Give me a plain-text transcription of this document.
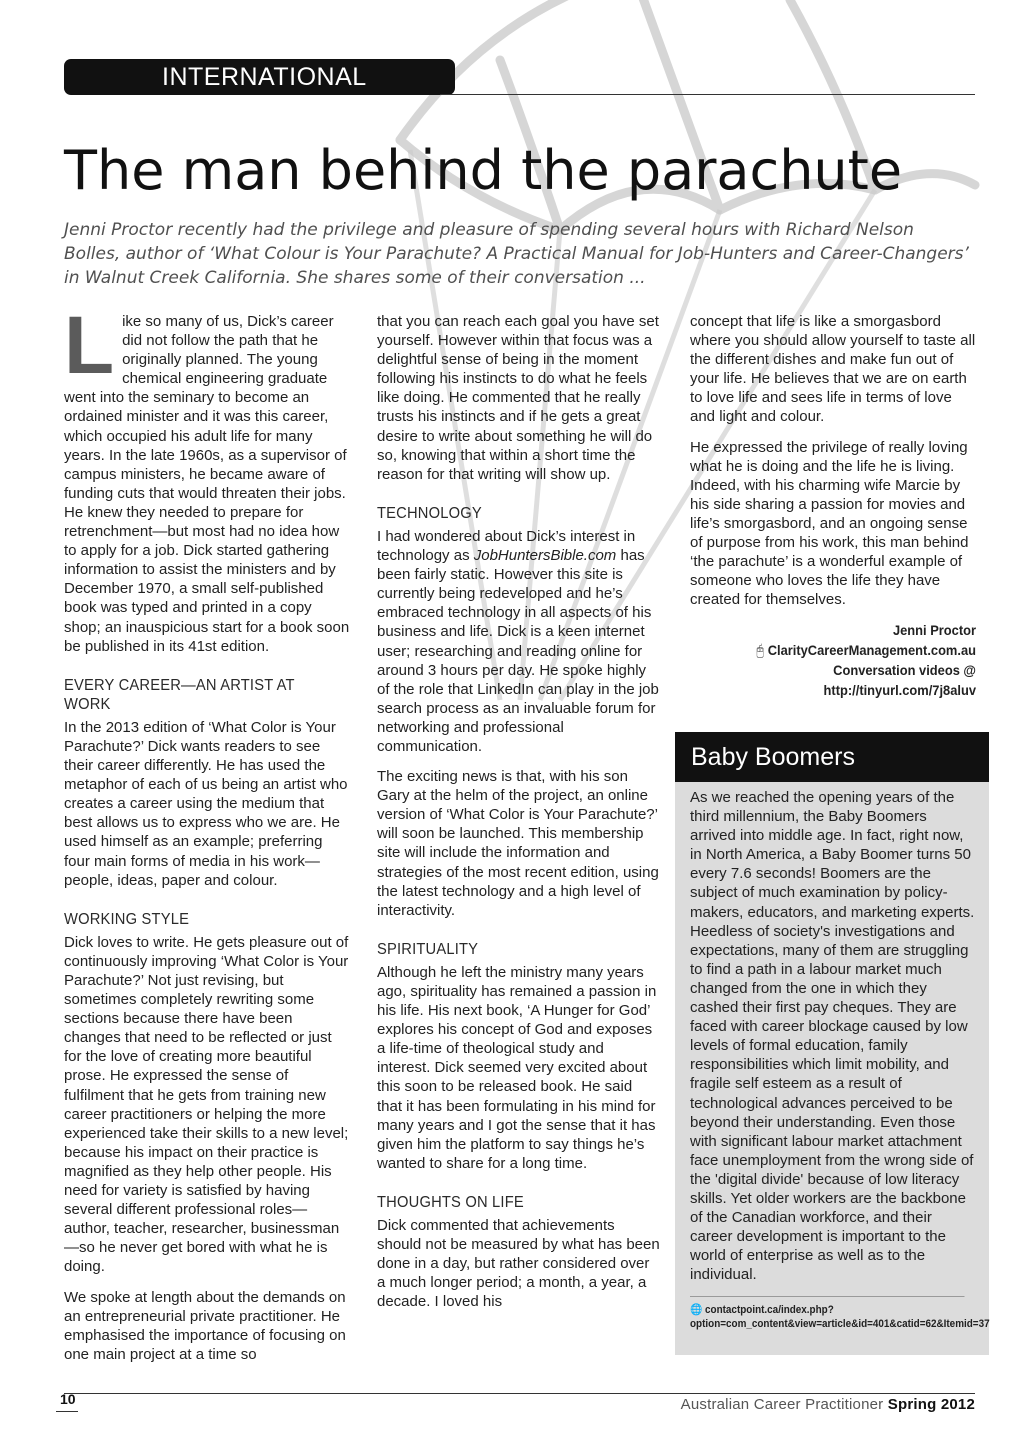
INTERNATIONAL
The man behind the parachute

Jenni Proctor recently had the privilege and pleasure of spending several hours with Richard Nelson Bolles, author of ‘What Colour is Your Parachute? A Practical Manual for Job-Hunters and Career-Changers’ in Walnut Creek California. She shares some of their conversation ...

Like so many of us, Dick’s career did not follow the path that he originally planned. The young chemical engineering graduate went into the seminary to become an ordained minister and it was this career, which occupied his adult life for many years. In the late 1960s, as a supervisor of campus ministers, he became aware of funding cuts that would threaten their jobs. He knew they needed to prepare for retrenchment—but most had no idea how to apply for a job. Dick started gathering information to assist the ministers and by December 1970, a small self-published book was typed and printed in a copy shop; an inauspicious start for a book soon be published in its 41st edition.

EVERY CAREER—AN ARTIST AT WORK

In the 2013 edition of ‘What Color is Your Parachute?’ Dick wants readers to see their career differently. He has used the metaphor of each of us being an artist who creates a career using the medium that best allows us to express who we are. He used himself as an example; preferring four main forms of media in his work—people, ideas, paper and colour.

WORKING STYLE

Dick loves to write. He gets pleasure out of continuously improving ‘What Color is Your Parachute?’ Not just revising, but sometimes completely rewriting some sections because there have been changes that need to be reflected or just for the love of creating more beautiful prose. He expressed the sense of fulfilment that he gets from training new career practitioners or helping the more experienced take their skills to a new level; because his impact on their practice is magnified as they help other people. His need for variety is satisfied by having several different professional roles—author, teacher, researcher, businessman—so he never get bored with what he is doing.

We spoke at length about the demands on an entrepreneurial private practitioner. He emphasised the importance of focusing on one main project at a time so

that you can reach each goal you have set yourself. However within that focus was a delightful sense of being in the moment following his instincts to do what he feels like doing. He commented that he really trusts his instincts and if he gets a great desire to write about something he will do so, knowing that within a short time the reason for that writing will show up.

TECHNOLOGY

I had wondered about Dick’s interest in technology as JobHuntersBible.com has been fairly static. However this site is currently being redeveloped and he’s embraced technology in all aspects of his business and life. Dick is a keen internet user; researching and reading online for around 3 hours per day. He spoke highly of the role that LinkedIn can play in the job search process as an invaluable forum for networking and professional communication.

The exciting news is that, with his son Gary at the helm of the project, an online version of ‘What Color is Your Parachute?’ will soon be launched. This membership site will include the information and strategies of the most recent edition, using the latest technology and a high level of interactivity.

SPIRITUALITY

Although he left the ministry many years ago, spirituality has remained a passion in his life. His next book, ‘A Hunger for God’ explores his concept of God and exposes a life-time of theological study and interest. Dick seemed very excited about this soon to be released book. He said that it has been formulating in his mind for many years and I got the sense that it has given him the platform to say things he’s wanted to share for a long time.

THOUGHTS ON LIFE

Dick commented that achievements should not be measured by what has been done in a day, but rather considered over a much longer period; a month, a year, a decade. I loved his

concept that life is like a smorgasbord where you should allow yourself to taste all the different dishes and make fun out of your life. He believes that we are on earth to love life and sees life in terms of love and light and colour.

He expressed the privilege of really loving what he is doing and the life he is living. Indeed, with his charming wife Marcie by his side sharing a passion for movies and life’s smorgasbord, and an ongoing sense of purpose from his work, this man behind ‘the parachute’ is a wonderful example of someone who loves the life they have created for themselves.

Jenni Proctor
🖰 ClarityCareerManagement.com.au
Conversation videos @
http://tinyurl.com/7j8aluv
Baby Boomers

As we reached the opening years of the third millennium, the Baby Boomers arrived into middle age. In fact, right now, in North America, a Baby Boomer turns 50 every 7.6 seconds! Boomers are the subject of much examination by policy-makers, educators, and marketing experts. Heedless of society's investigations and expectations, many of them are struggling to find a path in a labour market much changed from the one in which they cashed their first pay cheques. They are faced with career blockage caused by low levels of formal education, family responsibilities which limit mobility, and fragile self esteem as a result of technological advances perceived to be beyond their understanding. Even those with significant labour market attachment face unemployment from the wrong side of the 'digital divide' because of low literacy skills. Yet older workers are the backbone of the Canadian workforce, and their career development is important to the world of enterprise as well as to the individual.

🌐 contactpoint.ca/index.php?option=com_content&view=article&id=401&catid=62&Itemid=37
10	Australian Career Practitioner Spring 2012
